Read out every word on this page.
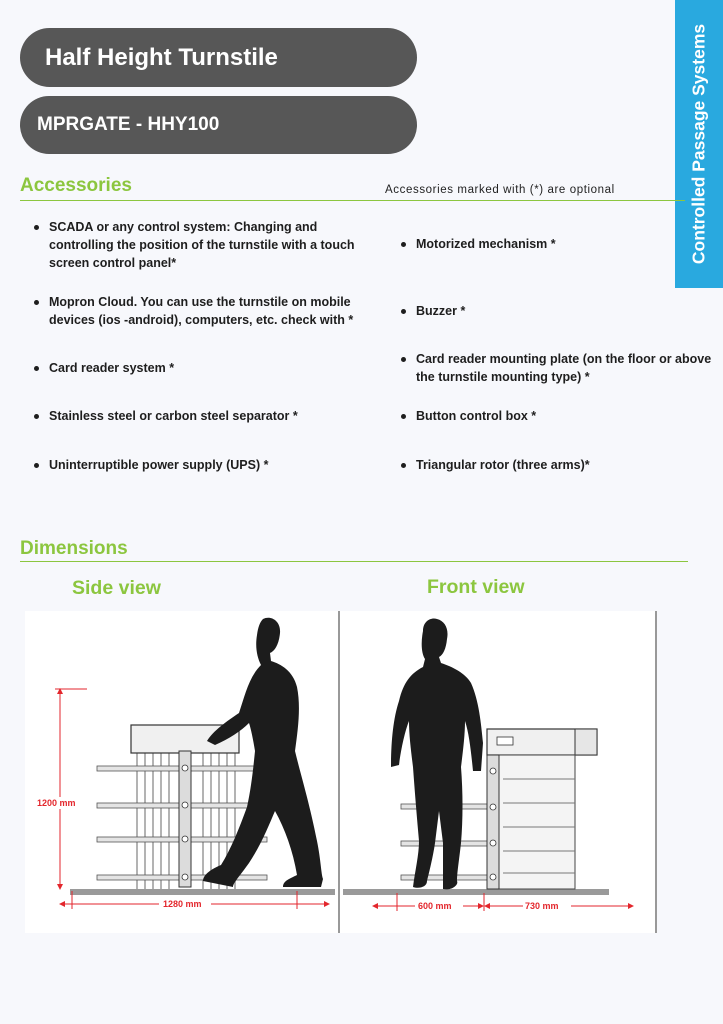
Half Height Turnstile
MPRGATE - HHY100	Controlled Passage Systems
Accessories	Accessories marked with (*) are optional
SCADA or any control system: Changing and controlling the position of the turnstile with a touch screen control panel*
Mopron Cloud. You can use the turnstile on mobile devices (ios -android), computers, etc. check with *
Card reader system *
Stainless steel or carbon steel separator *
Uninterruptible power supply (UPS) *
Motorized mechanism *
Buzzer *
Card reader mounting plate (on the floor or above the turnstile mounting type) *
Button control box *
Triangular rotor (three arms)*
Dimensions
Side view	Front view
1200 mm
1280 mm	600 mm	730 mm
